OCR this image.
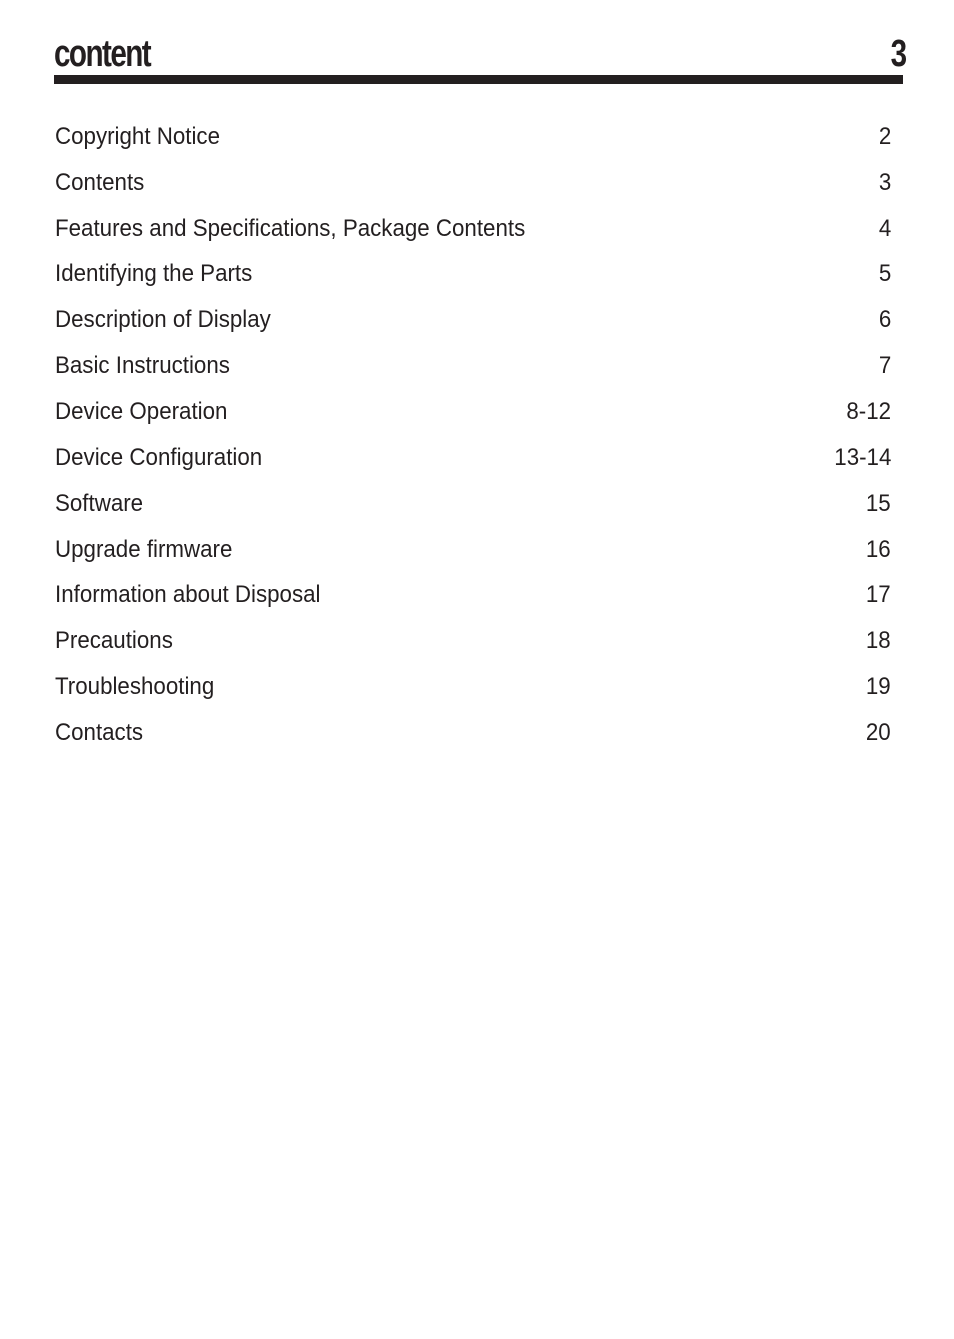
content	3
Copyright Notice	2
Contents	3
Features and Specifications, Package Contents	4
Identifying the Parts	5
Description of Display	6
Basic Instructions	7
Device Operation	8-12
Device Configuration	13-14
Software	15
Upgrade firmware	16
Information about Disposal	17
Precautions	18
Troubleshooting	19
Contacts	20
